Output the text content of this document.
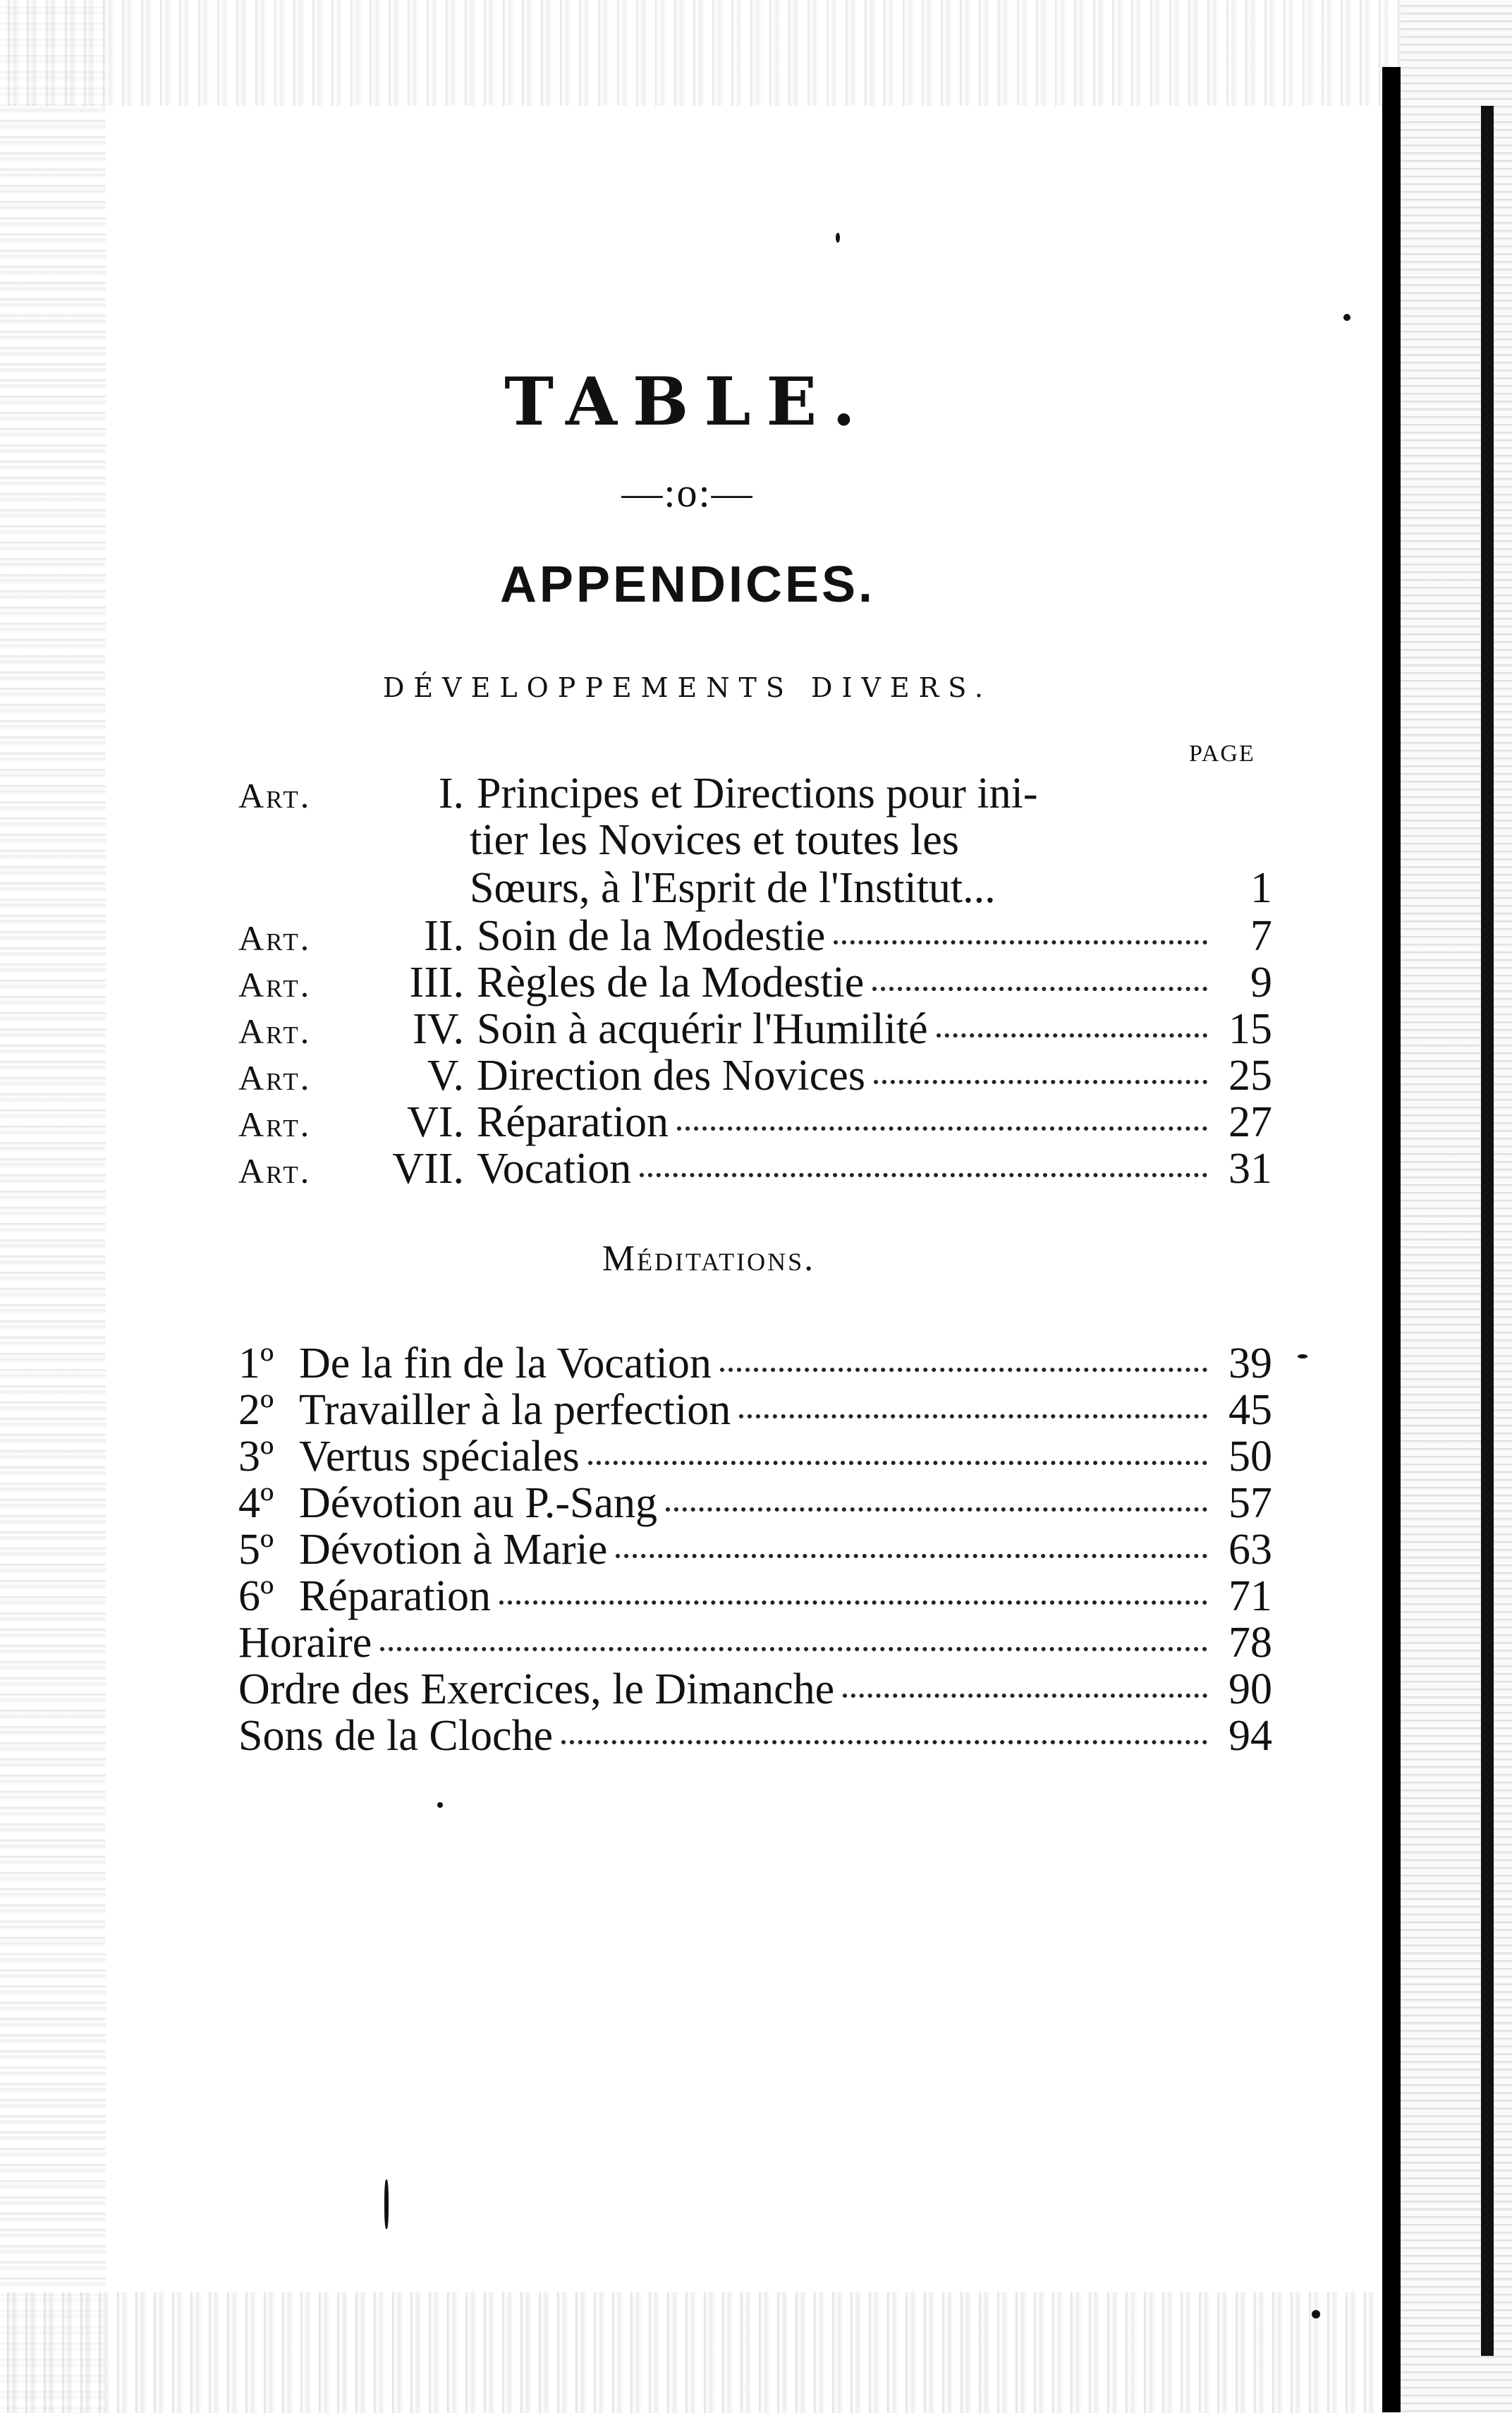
TABLE.
—:o:—
APPENDICES.
DÉVELOPPEMENTS DIVERS.
PAGE
Art.	I. Principes et Directions pour ini-
tier les Novices et toutes les
Sœurs, à l'Esprit de l'Institut...	1
Art.	II. Soin de la Modestie	7
Art.	III. Règles de la Modestie	9
Art.	IV. Soin à acquérir l'Humilité	15
Art.	V. Direction des Novices	25
Art.	VI. Réparation	27
Art.	VII. Vocation	31
Méditations.
1º De la fin de la Vocation	39
2º Travailler à la perfection	45
3º Vertus spéciales	50
4º Dévotion au P.-Sang	57
5º Dévotion à Marie	63
6º Réparation	71
Horaire	78
Ordre des Exercices, le Dimanche	90
Sons de la Cloche	94
